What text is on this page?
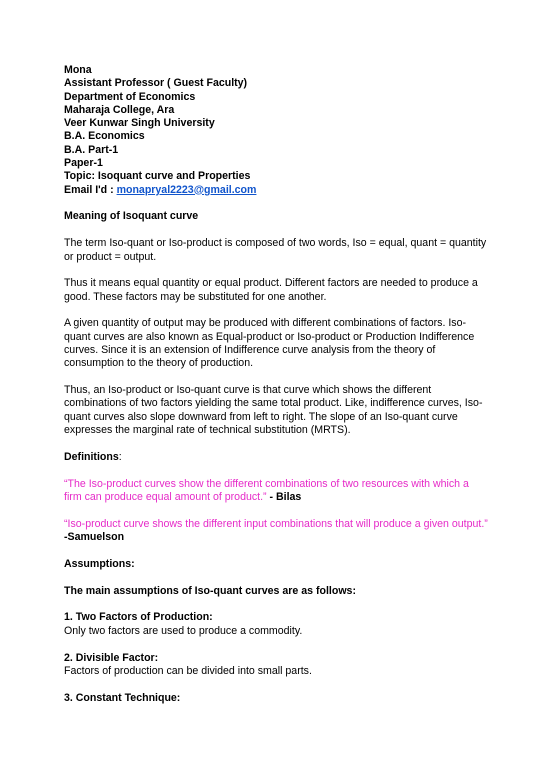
Mona
Assistant Professor ( Guest Faculty)
Department of Economics
Maharaja College, Ara
Veer Kunwar Singh University
B.A. Economics
B.A. Part-1
Paper-1
Topic: Isoquant curve and Properties
Email I'd : monapryal2223@gmail.com
Meaning of Isoquant curve
The term Iso-quant or Iso-product is composed of two words, Iso = equal, quant = quantity or product = output.
Thus it means equal quantity or equal product. Different factors are needed to produce a good. These factors may be substituted for one another.
A given quantity of output may be produced with different combinations of factors. Iso-quant curves are also known as Equal-product or Iso-product or Production Indifference curves. Since it is an extension of Indifference curve analysis from the theory of consumption to the theory of production.
Thus, an Iso-product or Iso-quant curve is that curve which shows the different combinations of two factors yielding the same total product. Like, indifference curves, Iso- quant curves also slope downward from left to right. The slope of an Iso-quant curve expresses the marginal rate of technical substitution (MRTS).
Definitions:
“The Iso-product curves show the different combinations of two resources with which a firm can produce equal amount of product.” - Bilas
“Iso-product curve shows the different input combinations that will produce a given output.”
-Samuelson
Assumptions:
The main assumptions of Iso-quant curves are as follows:
1. Two Factors of Production:
Only two factors are used to produce a commodity.
2. Divisible Factor:
Factors of production can be divided into small parts.
3. Constant Technique:
